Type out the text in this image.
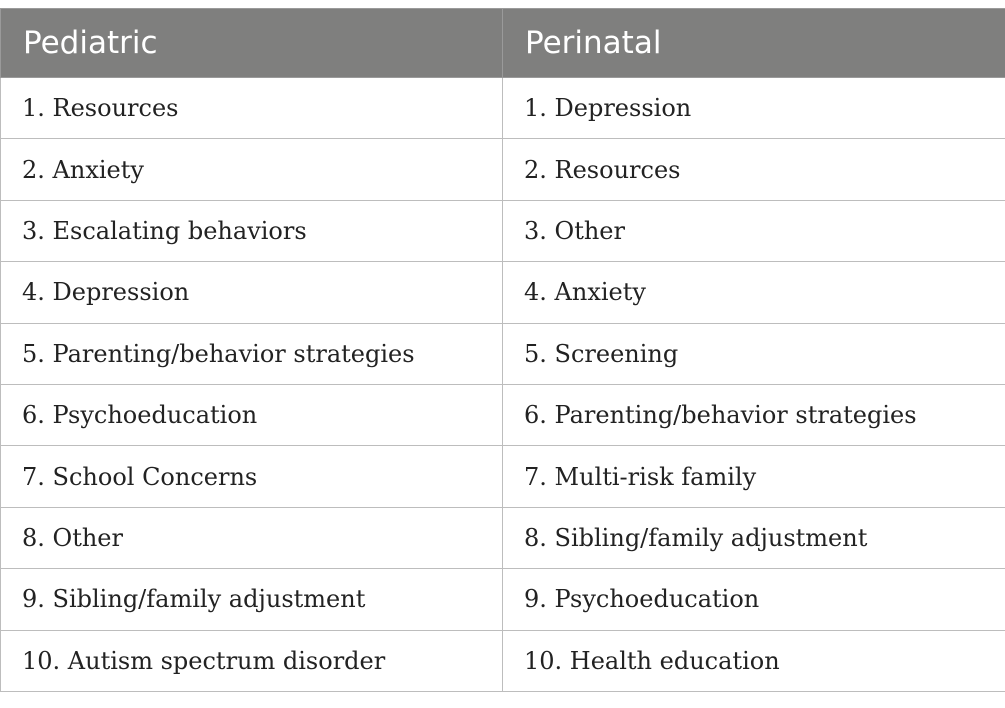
Pediatric	Perinatal
1. Resources	1. Depression
2. Anxiety	2. Resources
3. Escalating behaviors	3. Other
4. Depression	4. Anxiety
5. Parenting/behavior strategies	5. Screening
6. Psychoeducation	6. Parenting/behavior strategies
7. School Concerns	7. Multi-risk family
8. Other	8. Sibling/family adjustment
9. Sibling/family adjustment	9. Psychoeducation
10. Autism spectrum disorder	10. Health education
